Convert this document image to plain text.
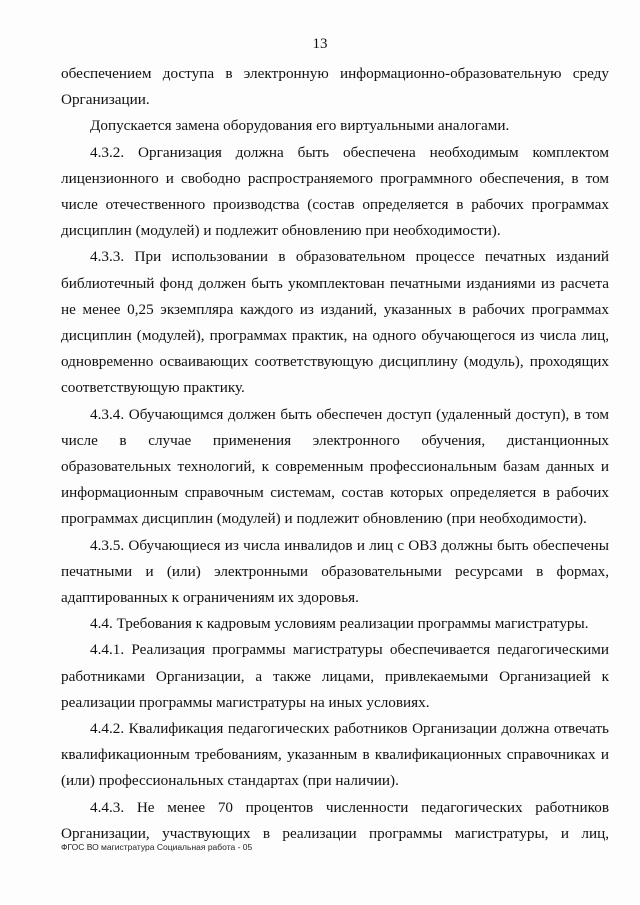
13

обеспечением доступа в электронную информационно-образовательную среду Организации.

Допускается замена оборудования его виртуальными аналогами.

4.3.2. Организация должна быть обеспечена необходимым комплектом лицензионного и свободно распространяемого программного обеспечения, в том числе отечественного производства (состав определяется в рабочих программах дисциплин (модулей) и подлежит обновлению при необходимости).

4.3.3. При использовании в образовательном процессе печатных изданий библиотечный фонд должен быть укомплектован печатными изданиями из расчета не менее 0,25 экземпляра каждого из изданий, указанных в рабочих программах дисциплин (модулей), программах практик, на одного обучающегося из числа лиц, одновременно осваивающих соответствующую дисциплину (модуль), проходящих соответствующую практику.

4.3.4. Обучающимся должен быть обеспечен доступ (удаленный доступ), в том числе в случае применения электронного обучения, дистанционных образовательных технологий, к современным профессиональным базам данных и информационным справочным системам, состав которых определяется в рабочих программах дисциплин (модулей) и подлежит обновлению (при необходимости).

4.3.5. Обучающиеся из числа инвалидов и лиц с ОВЗ должны быть обеспечены печатными и (или) электронными образовательными ресурсами в формах, адаптированных к ограничениям их здоровья.

4.4. Требования к кадровым условиям реализации программы магистратуры.

4.4.1. Реализация программы магистратуры обеспечивается педагогическими работниками Организации, а также лицами, привлекаемыми Организацией к реализации программы магистратуры на иных условиях.

4.4.2. Квалификация педагогических работников Организации должна отвечать квалификационным требованиям, указанным в квалификационных справочниках и (или) профессиональных стандартах (при наличии).

4.4.3. Не менее 70 процентов численности педагогических работников Организации, участвующих в реализации программы магистратуры, и лиц,

ФГОС ВО магистратура Социальная работа - 05
